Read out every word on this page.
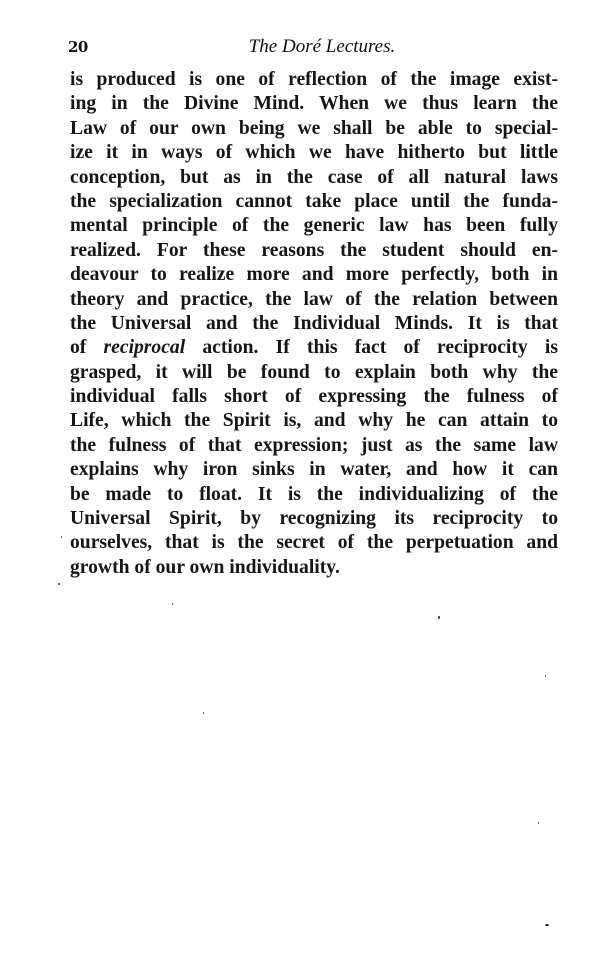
20	The Doré Lectures.
is produced is one of reflection of the image exist-
ing in the Divine Mind. When we thus learn the
Law of our own being we shall be able to special-
ize it in ways of which we have hitherto but little
conception, but as in the case of all natural laws
the specialization cannot take place until the funda-
mental principle of the generic law has been fully
realized. For these reasons the student should en-
deavour to realize more and more perfectly, both in
theory and practice, the law of the relation between
the Universal and the Individual Minds. It is that
of reciprocal action. If this fact of reciprocity is
grasped, it will be found to explain both why the
individual falls short of expressing the fulness of
Life, which the Spirit is, and why he can attain to
the fulness of that expression; just as the same law
explains why iron sinks in water, and how it can
be made to float. It is the individualizing of the
Universal Spirit, by recognizing its reciprocity to
ourselves, that is the secret of the perpetuation and
growth of our own individuality.
